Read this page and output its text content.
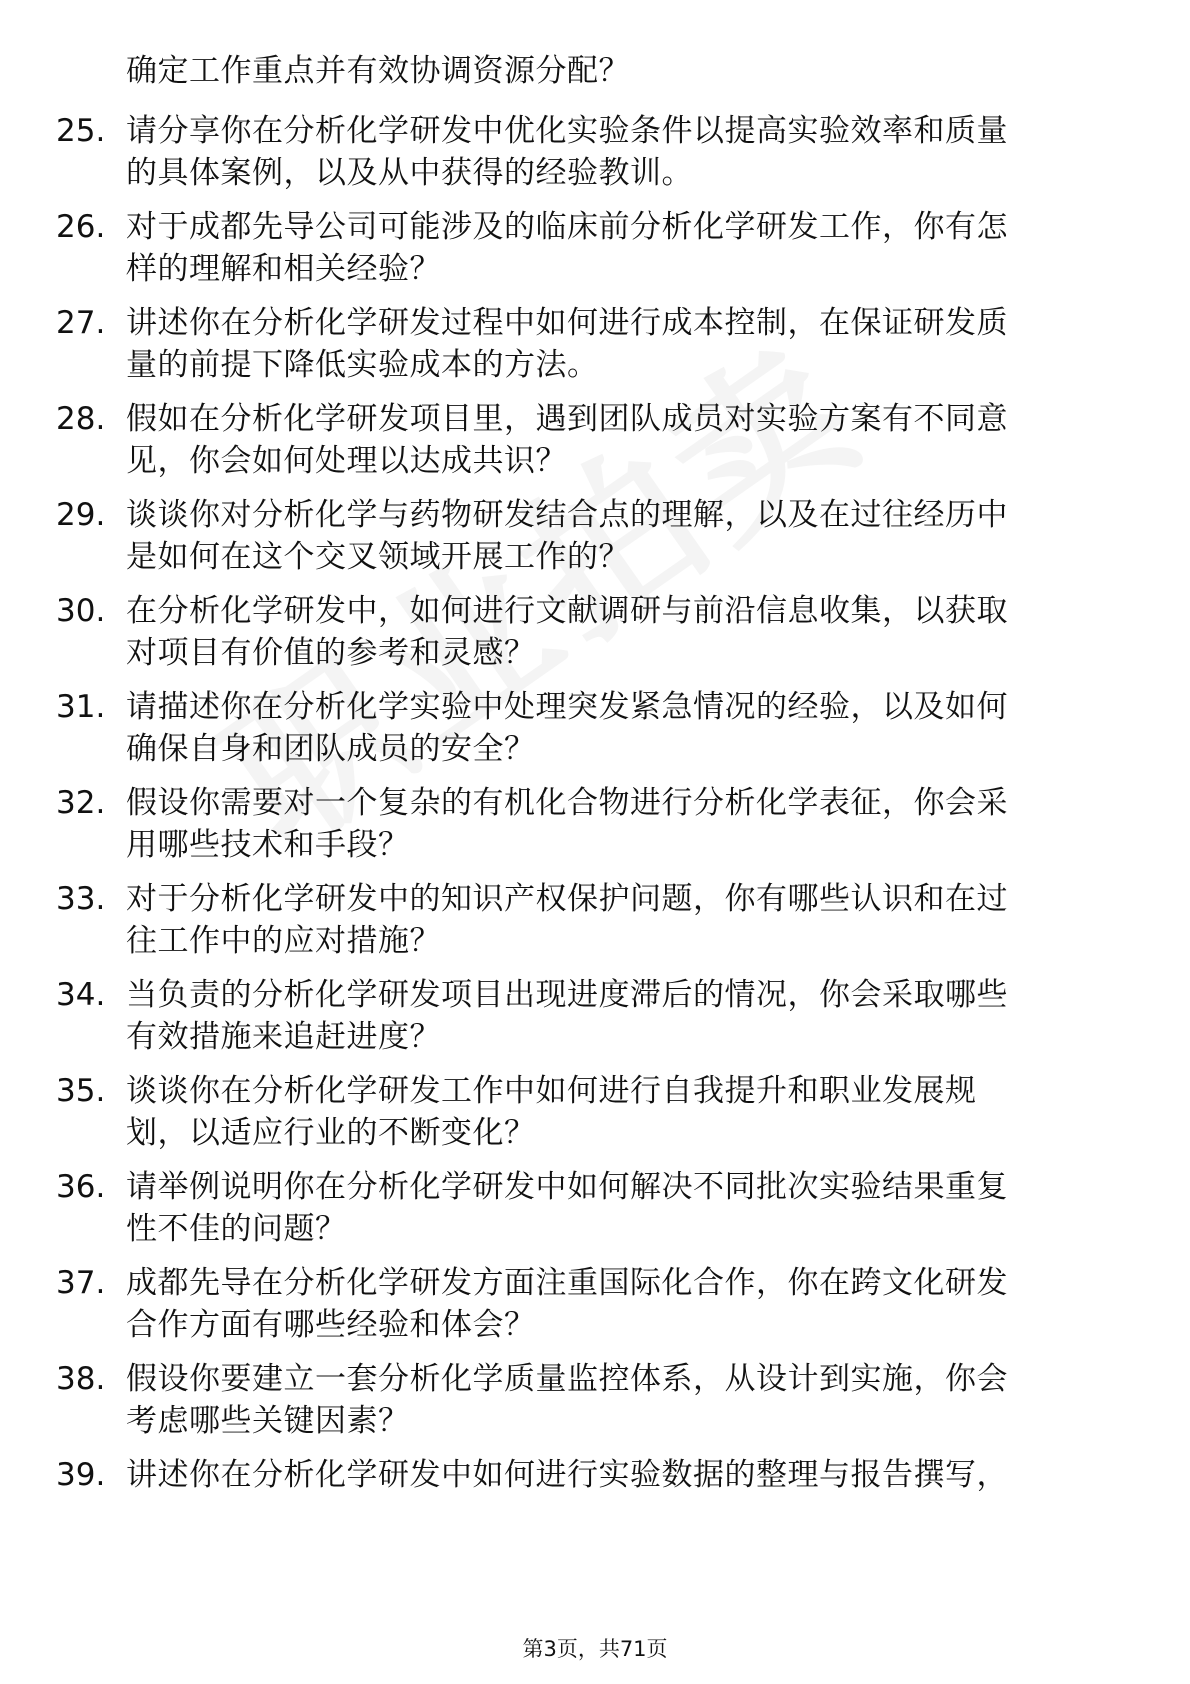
确定工作重点并有效协调资源分配？
25. 请分享你在分析化学研发中优化实验条件以提高实验效率和质量
的具体案例，以及从中获得的经验教训。
26. 对于成都先导公司可能涉及的临床前分析化学研发工作，你有怎
样的理解和相关经验？
27. 讲述你在分析化学研发过程中如何进行成本控制，在保证研发质
量的前提下降低实验成本的方法。
28. 假如在分析化学研发项目里，遇到团队成员对实验方案有不同意
见，你会如何处理以达成共识？
29. 谈谈你对分析化学与药物研发结合点的理解，以及在过往经历中
是如何在这个交叉领域开展工作的？
30. 在分析化学研发中，如何进行文献调研与前沿信息收集，以获取
对项目有价值的参考和灵感？
31. 请描述你在分析化学实验中处理突发紧急情况的经验，以及如何
确保自身和团队成员的安全？
32. 假设你需要对一个复杂的有机化合物进行分析化学表征，你会采
用哪些技术和手段？
33. 对于分析化学研发中的知识产权保护问题，你有哪些认识和在过
往工作中的应对措施？
34. 当负责的分析化学研发项目出现进度滞后的情况，你会采取哪些
有效措施来追赶进度？
35. 谈谈你在分析化学研发工作中如何进行自我提升和职业发展规
划，以适应行业的不断变化？
36. 请举例说明你在分析化学研发中如何解决不同批次实验结果重复
性不佳的问题？
37. 成都先导在分析化学研发方面注重国际化合作，你在跨文化研发
合作方面有哪些经验和体会？
38. 假设你要建立一套分析化学质量监控体系，从设计到实施，你会
考虑哪些关键因素？
39. 讲述你在分析化学研发中如何进行实验数据的整理与报告撰写，
第3页，共71页
